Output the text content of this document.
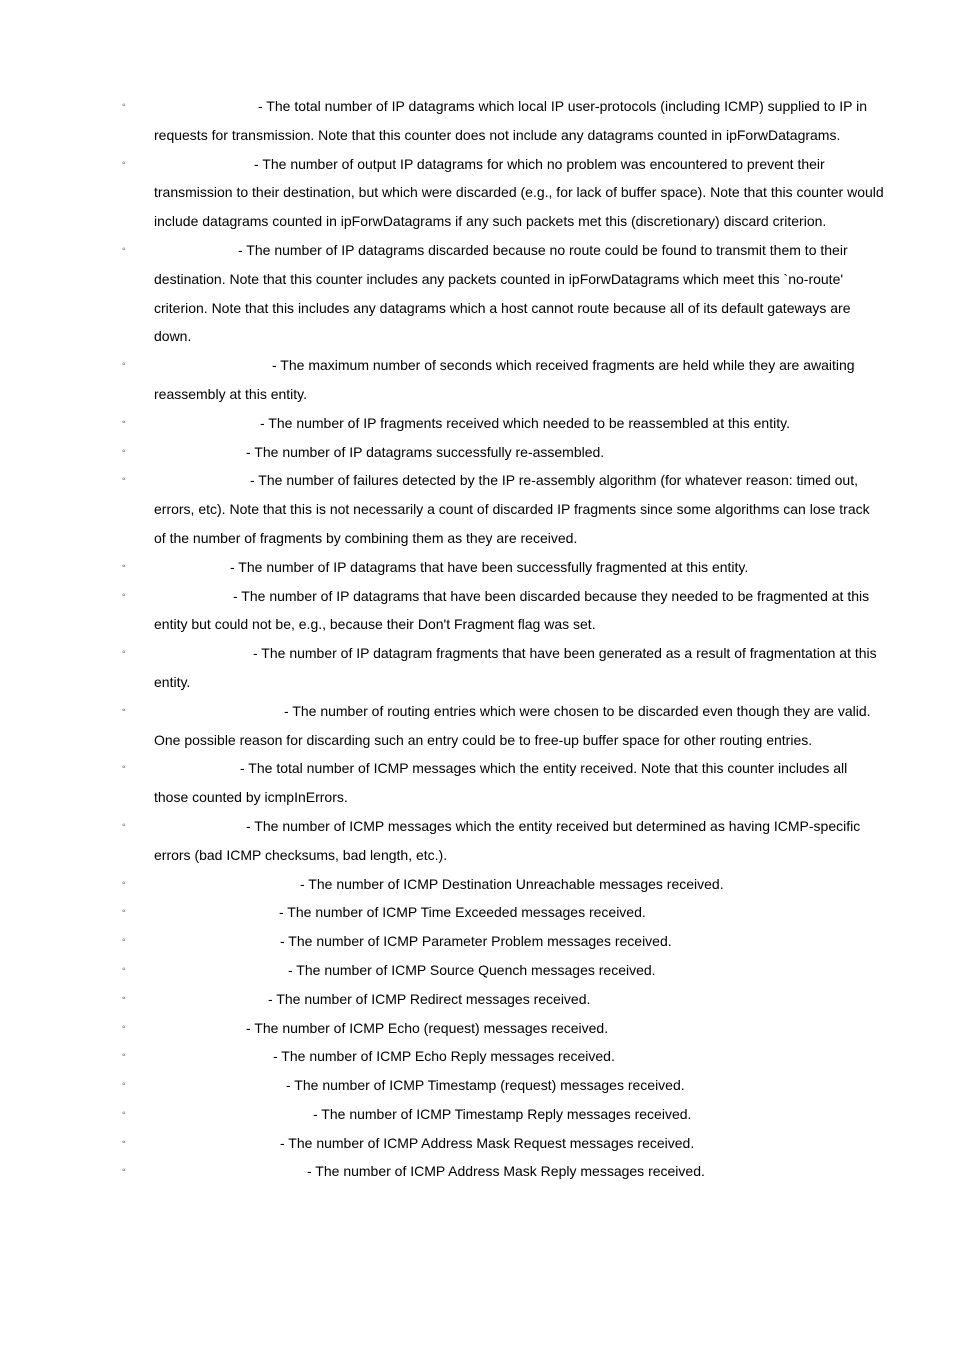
◦	- The total number of IP datagrams which local IP user-protocols (including ICMP) supplied to IP in requests for transmission. Note that this counter does not include any datagrams counted in ipForwDatagrams.
◦	- The number of output IP datagrams for which no problem was encountered to prevent their transmission to their destination, but which were discarded (e.g., for lack of buffer space). Note that this counter would include datagrams counted in ipForwDatagrams if any such packets met this (discretionary) discard criterion.
◦	- The number of IP datagrams discarded because no route could be found to transmit them to their destination. Note that this counter includes any packets counted in ipForwDatagrams which meet this `no-route' criterion. Note that this includes any datagrams which a host cannot route because all of its default gateways are down.
◦	- The maximum number of seconds which received fragments are held while they are awaiting reassembly at this entity.
◦	- The number of IP fragments received which needed to be reassembled at this entity.
◦	- The number of IP datagrams successfully re-assembled.
◦	- The number of failures detected by the IP re-assembly algorithm (for whatever reason: timed out, errors, etc). Note that this is not necessarily a count of discarded IP fragments since some algorithms can lose track of the number of fragments by combining them as they are received.
◦	- The number of IP datagrams that have been successfully fragmented at this entity.
◦	- The number of IP datagrams that have been discarded because they needed to be fragmented at this entity but could not be, e.g., because their Don't Fragment flag was set.
◦	- The number of IP datagram fragments that have been generated as a result of fragmentation at this entity.
◦	- The number of routing entries which were chosen to be discarded even though they are valid. One possible reason for discarding such an entry could be to free-up buffer space for other routing entries.
◦	- The total number of ICMP messages which the entity received. Note that this counter includes all those counted by icmpInErrors.
◦	- The number of ICMP messages which the entity received but determined as having ICMP-specific errors (bad ICMP checksums, bad length, etc.).
◦	- The number of ICMP Destination Unreachable messages received.
◦	- The number of ICMP Time Exceeded messages received.
◦	- The number of ICMP Parameter Problem messages received.
◦	- The number of ICMP Source Quench messages received.
◦	- The number of ICMP Redirect messages received.
◦	- The number of ICMP Echo (request) messages received.
◦	- The number of ICMP Echo Reply messages received.
◦	- The number of ICMP Timestamp (request) messages received.
◦	- The number of ICMP Timestamp Reply messages received.
◦	- The number of ICMP Address Mask Request messages received.
◦	- The number of ICMP Address Mask Reply messages received.
